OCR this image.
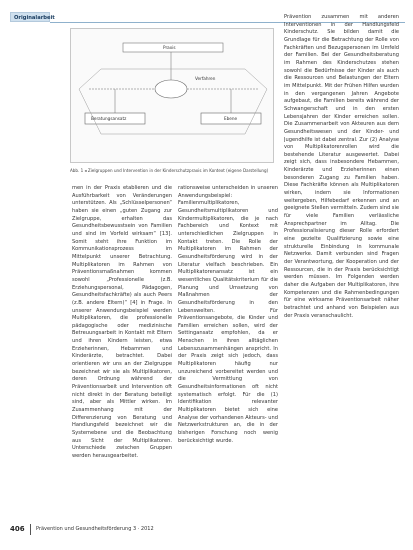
Originalarbeit
Praxis
Verfahren
Beratungsansatz	Ebene
Abb. 1 ◂ Zielgruppen und Intervention in der Kinderschutzpraxis im Kontext (eigene Darstellung)

men in der Praxis etablieren und die Ausführbarkeit von Veränderungen unterstützen. Als „Schlüsselpersonen“ haben sie einen „guten Zugang zur Zielgruppe, erhalten das Gesundheitsbewusstsein von Familien und sind im Vorfeld wirksam“ [13]. Somit steht ihre Funktion im Kommunikationsprozess im Mittelpunkt unserer Betrachtung. Multiplikatoren im Rahmen von Präventionsmaßnahmen kommen sowohl „Professionelle (z.B. Erziehungspersonal, Pädagogen, Gesundheitsfachkräfte) als auch Peers (z.B. andere Eltern)“ [4] in Frage. In unserer Anwendungsbeispiel werden Multiplikatoren, die professionelle pädagogische oder medizinische Betreuungsarbeit in Kontakt mit Eltern und ihren Kindern leisten, etwa Erzieherinnen, Hebammen und Kinderärzte, betrachtet. Dabei orientieren wir uns an der Zielgruppe bezeichnet wir sie als Multiplikatoren, deren Ordnung während der Präventionsarbeit und Intervention oft nicht direkt in der Beratung beteiligt sind, aber als Mittler wirken. Im Zusammenhang mit der Differenzierung von Beratung und Handlungsfeld bezeichnet wir die Systemebene und die Beobachtung aus Sicht der Multiplikatoren. Unterschiede zwischen Gruppen werden herausgearbeitet.

rationsweise unterscheiden in unseren Anwendungsbeispiel: Familienmultiplikatoren, Gesundheitsmultiplikatoren und Kindermultiplikatoren, die je nach Fachbereich und Kontext mit unterschiedlichen Zielgruppen in Kontakt treten. Die Rolle der Multiplikatoren im Rahmen der Gesundheitsförderung wird in der Literatur vielfach beschrieben. Ein Multiplikatorenansatz ist ein wesentliches Qualitätskriterium für die Planung und Umsetzung von Maßnahmen der Gesundheitsförderung in den Lebenswelten. Für Präventionsangebote, die Kinder und Familien erreichen sollen, wird der Settingansatz empfohlen, da er Menschen in ihren alltäglichen Lebenszusammenhängen anspricht. In der Praxis zeigt sich jedoch, dass Multiplikatoren häufig nur unzureichend vorbereitet werden und die Vermittlung von Gesundheitsinformationen oft nicht systematisch erfolgt. Für die (1) Identifikation relevanter Multiplikatoren bietet sich eine Analyse der vorhandenen Akteurs- und Netzwerkstrukturen an, die in der bisherigen Forschung noch wenig berücksichtigt wurde.

Prävention zusammen mit anderen Interventionen in der Handlungsfeld Kinderschutz. Sie bilden damit die Grundlage für die Betrachtung der Rolle von Fachkräften und Bezugspersonen im Umfeld der Familien. Bei der Gesundheitsberatung im Rahmen des Kinderschutzes stehen sowohl die Bedürfnisse der Kinder als auch die Ressourcen und Belastungen der Eltern im Mittelpunkt. Mit der Frühen Hilfen wurden in den vergangenen Jahren Angebote aufgebaut, die Familien bereits während der Schwangerschaft und in den ersten Lebensjahren der Kinder erreichen sollen. Die Zusammenarbeit von Akteuren aus dem Gesundheitswesen und der Kinder- und Jugendhilfe ist dabei zentral. Zur (2) Analyse von Multiplikatorenrollen wird die bestehende Literatur ausgewertet. Dabei zeigt sich, dass insbesondere Hebammen, Kinderärzte und Erzieherinnen einen besonderen Zugang zu Familien haben. Diese Fachkräfte können als Multiplikatoren wirken, indem sie Informationen weitergeben, Hilfebedarf erkennen und an geeignete Stellen vermitteln. Zudem sind sie für viele Familien verlässliche Ansprechpartner im Alltag. Die Professionalisierung dieser Rolle erfordert eine gezielte Qualifizierung sowie eine strukturelle Einbindung in kommunale Netzwerke. Damit verbunden sind Fragen der Verantwortung, der Kooperation und der Ressourcen, die in der Praxis berücksichtigt werden müssen. Im Folgenden werden daher die Aufgaben der Multiplikatoren, ihre Kompetenzen und die Rahmenbedingungen für eine wirksame Präventionsarbeit näher betrachtet und anhand von Beispielen aus der Praxis veranschaulicht.

406 Prävention und Gesundheitsförderung 3 · 2012
